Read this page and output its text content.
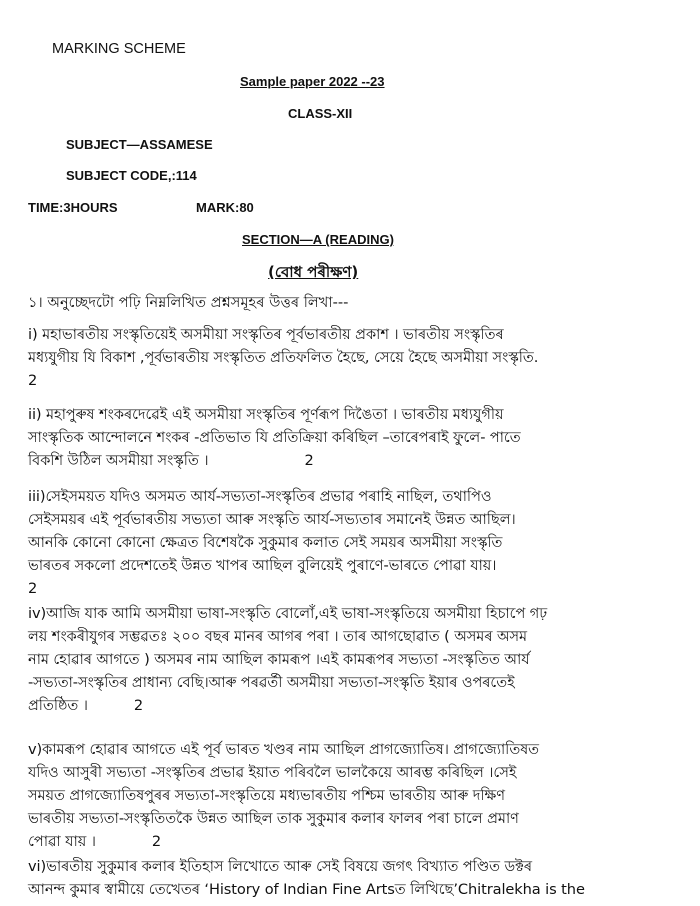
MARKING SCHEME
Sample paper 2022 --23
CLASS-XII
SUBJECT—ASSAMESE
SUBJECT CODE,:114
TIME:3HOURS	MARK:80
SECTION—A (READING)
(বোধ পৰীক্ষণ)
১। অনুচ্ছেদটো পঢ়ি নিম্নলিখিত প্ৰশ্নসমূহৰ উত্তৰ লিখা---
i) মহাভাৰতীয় সংস্কৃতিয়েই অসমীয়া সংস্কৃতিৰ পূৰ্বভাৰতীয় প্ৰকাশ । ভাৰতীয় সংস্কৃতিৰ
মধ্যযুগীয় যি বিকাশ ,পূৰ্বভাৰতীয় সংস্কৃতিত প্ৰতিফলিত হৈছে, সেয়ে হৈছে অসমীয়া সংস্কৃতি.
2
ii) মহাপুৰুষ শংকৰদেৱেই এই অসমীয়া সংস্কৃতিৰ পূৰ্ণৰূপ দিঙৈতা । ভাৰতীয় মধ্যযুগীয়
সাংস্কৃতিক আন্দোলনে শংকৰ -প্ৰতিভাত যি প্ৰতিক্ৰিয়া কৰিছিল –তাৰেপৰাই ফুলে- পাতে
বিকশি উঠিল অসমীয়া সংস্কৃতি ।	2
iii)সেইসময়ত যদিও অসমত আৰ্য-সভ্যতা-সংস্কৃতিৰ প্ৰভাৱ পৰাহি নাছিল, তথাপিও
সেইসময়ৰ এই পূৰ্বভাৰতীয় সভ্যতা আৰু সংস্কৃতি আৰ্য-সভ্যতাৰ সমানেই উন্নত আছিল।
আনকি কোনো কোনো ক্ষেত্ৰত বিশেষকৈ সুকুমাৰ কলাত সেই সময়ৰ অসমীয়া সংস্কৃতি
ভাৰতৰ সকলো প্ৰদেশতেই উন্নত খাপৰ আছিল বুলিয়েই পুৰাণে-ভাৰতে পোৱা যায়।
2
iv)আজি যাক আমি অসমীয়া ভাষা-সংস্কৃতি বোলোঁ,এই ভাষা-সংস্কৃতিয়ে অসমীয়া হিচাপে গঢ়
লয় শংকৰীযুগৰ সম্ভৱতঃ ২০০ বছৰ মানৰ আগৰ পৰা । তাৰ আগছোৱাত ( অসমৰ অসম
নাম হোৱাৰ আগতে ) অসমৰ নাম আছিল কামৰূপ ।এই কামৰূপৰ সভ্যতা -সংস্কৃতিত আৰ্য
-সভ্যতা-সংস্কৃতিৰ প্ৰাধান্য বেছি।আৰু পৰৱৰ্তী অসমীয়া সভ্যতা-সংস্কৃতি ইয়াৰ ওপৰতেই
প্ৰতিষ্ঠিত ।	2
v)কামৰূপ হোৱাৰ আগতে এই পূৰ্ব ভাৰত খণ্ডৰ নাম আছিল প্ৰাগজ্যোতিষ। প্ৰাগজ্যোতিষত
যদিও আসুৰী সভ্যতা -সংস্কৃতিৰ প্ৰভাৱ ইয়াত পৰিবলৈ ভালকৈয়ে আৰম্ভ কৰিছিল ।সেই
সময়ত প্ৰাগজ্যোতিষপুৰৰ সভ্যতা-সংস্কৃতিয়ে মধ্যভাৰতীয় পশ্চিম ভাৰতীয় আৰু দক্ষিণ
ভাৰতীয় সভ্যতা-সংস্কৃতিতকৈ উন্নত আছিল তাক সুকুমাৰ কলাৰ ফালৰ পৰা চালে প্ৰমাণ
পোৱা যায় ।	2
vi)ভাৰতীয় সুকুমাৰ কলাৰ ইতিহাস লিখোতে আৰু সেই বিষয়ে জগৎ বিখ্যাত পণ্ডিত ডক্টৰ
আনন্দ কুমাৰ স্বামীয়ে তেখেতৰ ‘History of Indian Fine Artsত লিখিছে’Chitralekha is the
